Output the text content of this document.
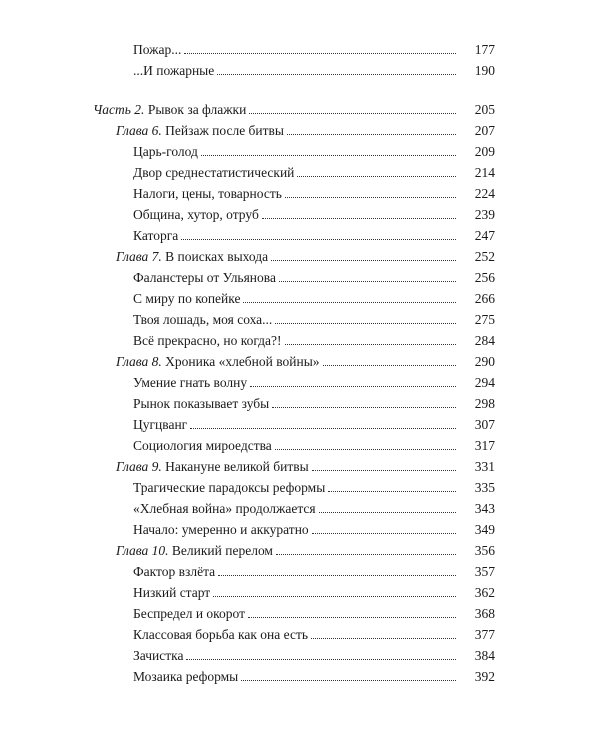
Пожар...	177
...И пожарные	190
Часть 2. Рывок за флажки	205
Глава 6. Пейзаж после битвы	207
Царь-голод	209
Двор среднестатистический	214
Налоги, цены, товарность	224
Община, хутор, отруб	239
Каторга	247
Глава 7. В поисках выхода	252
Фаланстеры от Ульянова	256
С миру по копейке	266
Твоя лошадь, моя соха...	275
Всё прекрасно, но когда?!	284
Глава 8. Хроника «хлебной войны»	290
Умение гнать волну	294
Рынок показывает зубы	298
Цугцванг	307
Социология мироедства	317
Глава 9. Накануне великой битвы	331
Трагические парадоксы реформы	335
«Хлебная война» продолжается	343
Начало: умеренно и аккуратно	349
Глава 10. Великий перелом	356
Фактор взлёта	357
Низкий старт	362
Беспредел и окорот	368
Классовая борьба как она есть	377
Зачистка	384
Мозаика реформы	392
